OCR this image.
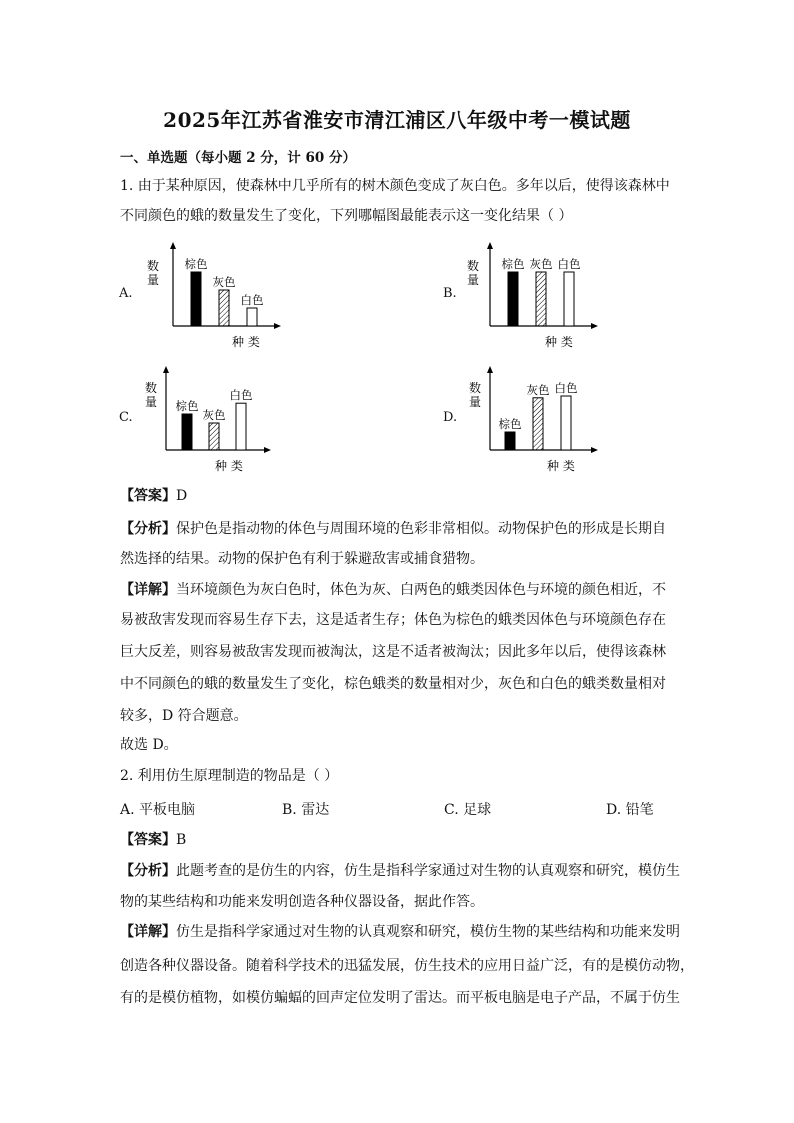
2025年江苏省淮安市清江浦区八年级中考一模试题
一、单选题（每小题 2 分，计 60 分）
1. 由于某种原因，使森林中几乎所有的树木颜色变成了灰白色。多年以后，使得该森林中
不同颜色的蛾的数量发生了变化，下列哪幅图最能表示这一变化结果（ ）
A.
数
量
种 类
棕色
灰色
白色	B.
数
量
种 类
棕色 灰色 白色
C.
数
量
种 类
棕色
灰色
白色
D.
数
量
种 类
棕色
灰色 白色
【答案】D
【分析】保护色是指动物的体色与周围环境的色彩非常相似。动物保护色的形成是长期自
然选择的结果。动物的保护色有利于躲避敌害或捕食猎物。
【详解】当环境颜色为灰白色时，体色为灰、白两色的蛾类因体色与环境的颜色相近，不
易被敌害发现而容易生存下去，这是适者生存；体色为棕色的蛾类因体色与环境颜色存在
巨大反差，则容易被敌害发现而被淘汰，这是不适者被淘汰；因此多年以后，使得该森林
中不同颜色的蛾的数量发生了变化，棕色蛾类的数量相对少，灰色和白色的蛾类数量相对
较多，D 符合题意。
故选 D。
2. 利用仿生原理制造的物品是（ ）
A. 平板电脑	B. 雷达	C. 足球	D. 铅笔
【答案】B
【分析】此题考查的是仿生的内容，仿生是指科学家通过对生物的认真观察和研究，模仿生
物的某些结构和功能来发明创造各种仪器设备，据此作答。
【详解】仿生是指科学家通过对生物的认真观察和研究，模仿生物的某些结构和功能来发明
创造各种仪器设备。随着科学技术的迅猛发展，仿生技术的应用日益广泛，有的是模仿动物，
有的是模仿植物，如模仿蝙蝠的回声定位发明了雷达。而平板电脑是电子产品，不属于仿生
